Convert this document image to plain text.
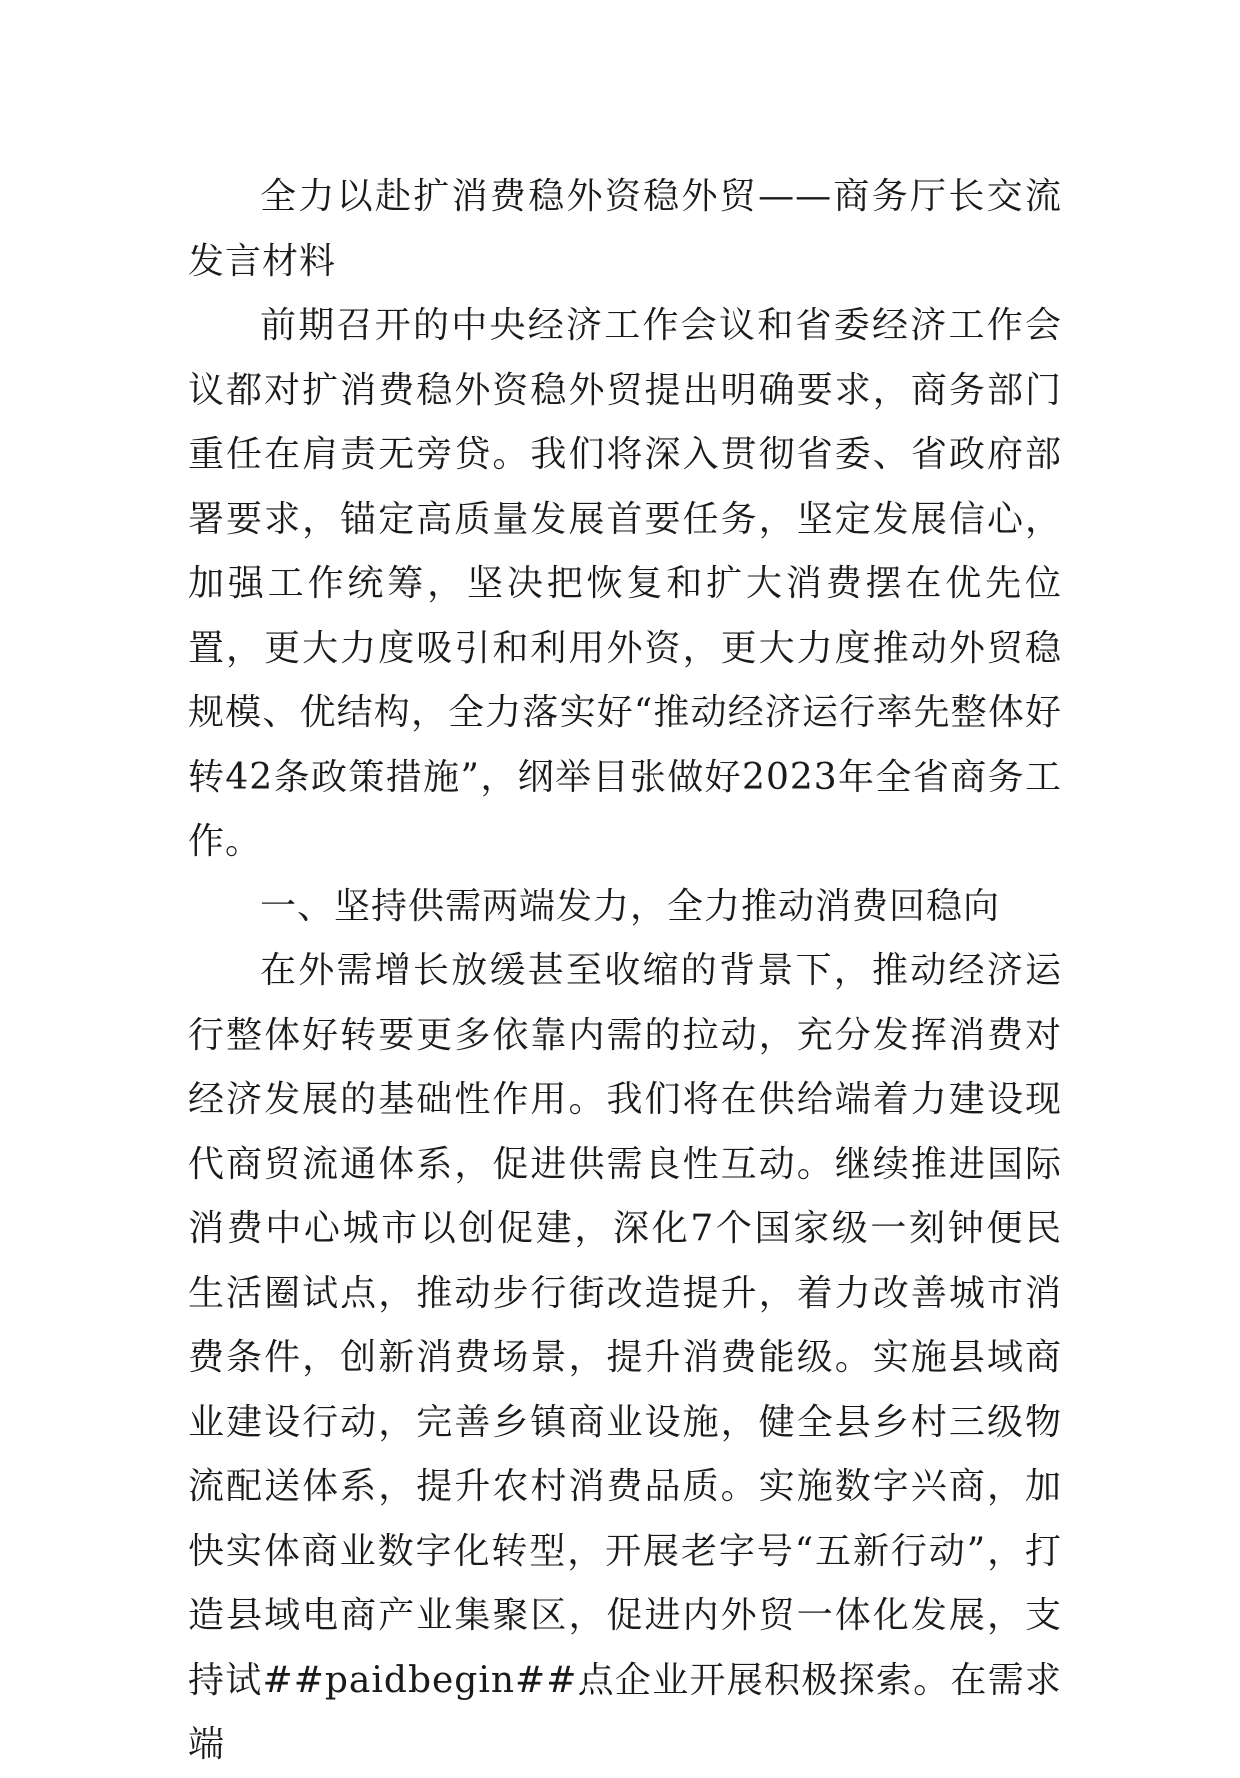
全力以赴扩消费稳外资稳外贸——商务厅长交流发言材料

前期召开的中央经济工作会议和省委经济工作会议都对扩消费稳外资稳外贸提出明确要求，商务部门重任在肩责无旁贷。我们将深入贯彻省委、省政府部署要求，锚定高质量发展首要任务，坚定发展信心，加强工作统筹，坚决把恢复和扩大消费摆在优先位置，更大力度吸引和利用外资，更大力度推动外贸稳规模、优结构，全力落实好“推动经济运行率先整体好转42条政策措施”，纲举目张做好2023年全省商务工作。

一、坚持供需两端发力，全力推动消费回稳向

在外需增长放缓甚至收缩的背景下，推动经济运行整体好转要更多依靠内需的拉动，充分发挥消费对经济发展的基础性作用。我们将在供给端着力建设现代商贸流通体系，促进供需良性互动。继续推进国际消费中心城市以创促建，深化7个国家级一刻钟便民生活圈试点，推动步行街改造提升，着力改善城市消费条件，创新消费场景，提升消费能级。实施县域商业建设行动，完善乡镇商业设施，健全县乡村三级物流配送体系，提升农村消费品质。实施数字兴商，加快实体商业数字化转型，开展老字号“五新行动”，打造县域电商产业集聚区，促进内外贸一体化发展，支持试##paidbegin##点企业开展积极探索。在需求端
